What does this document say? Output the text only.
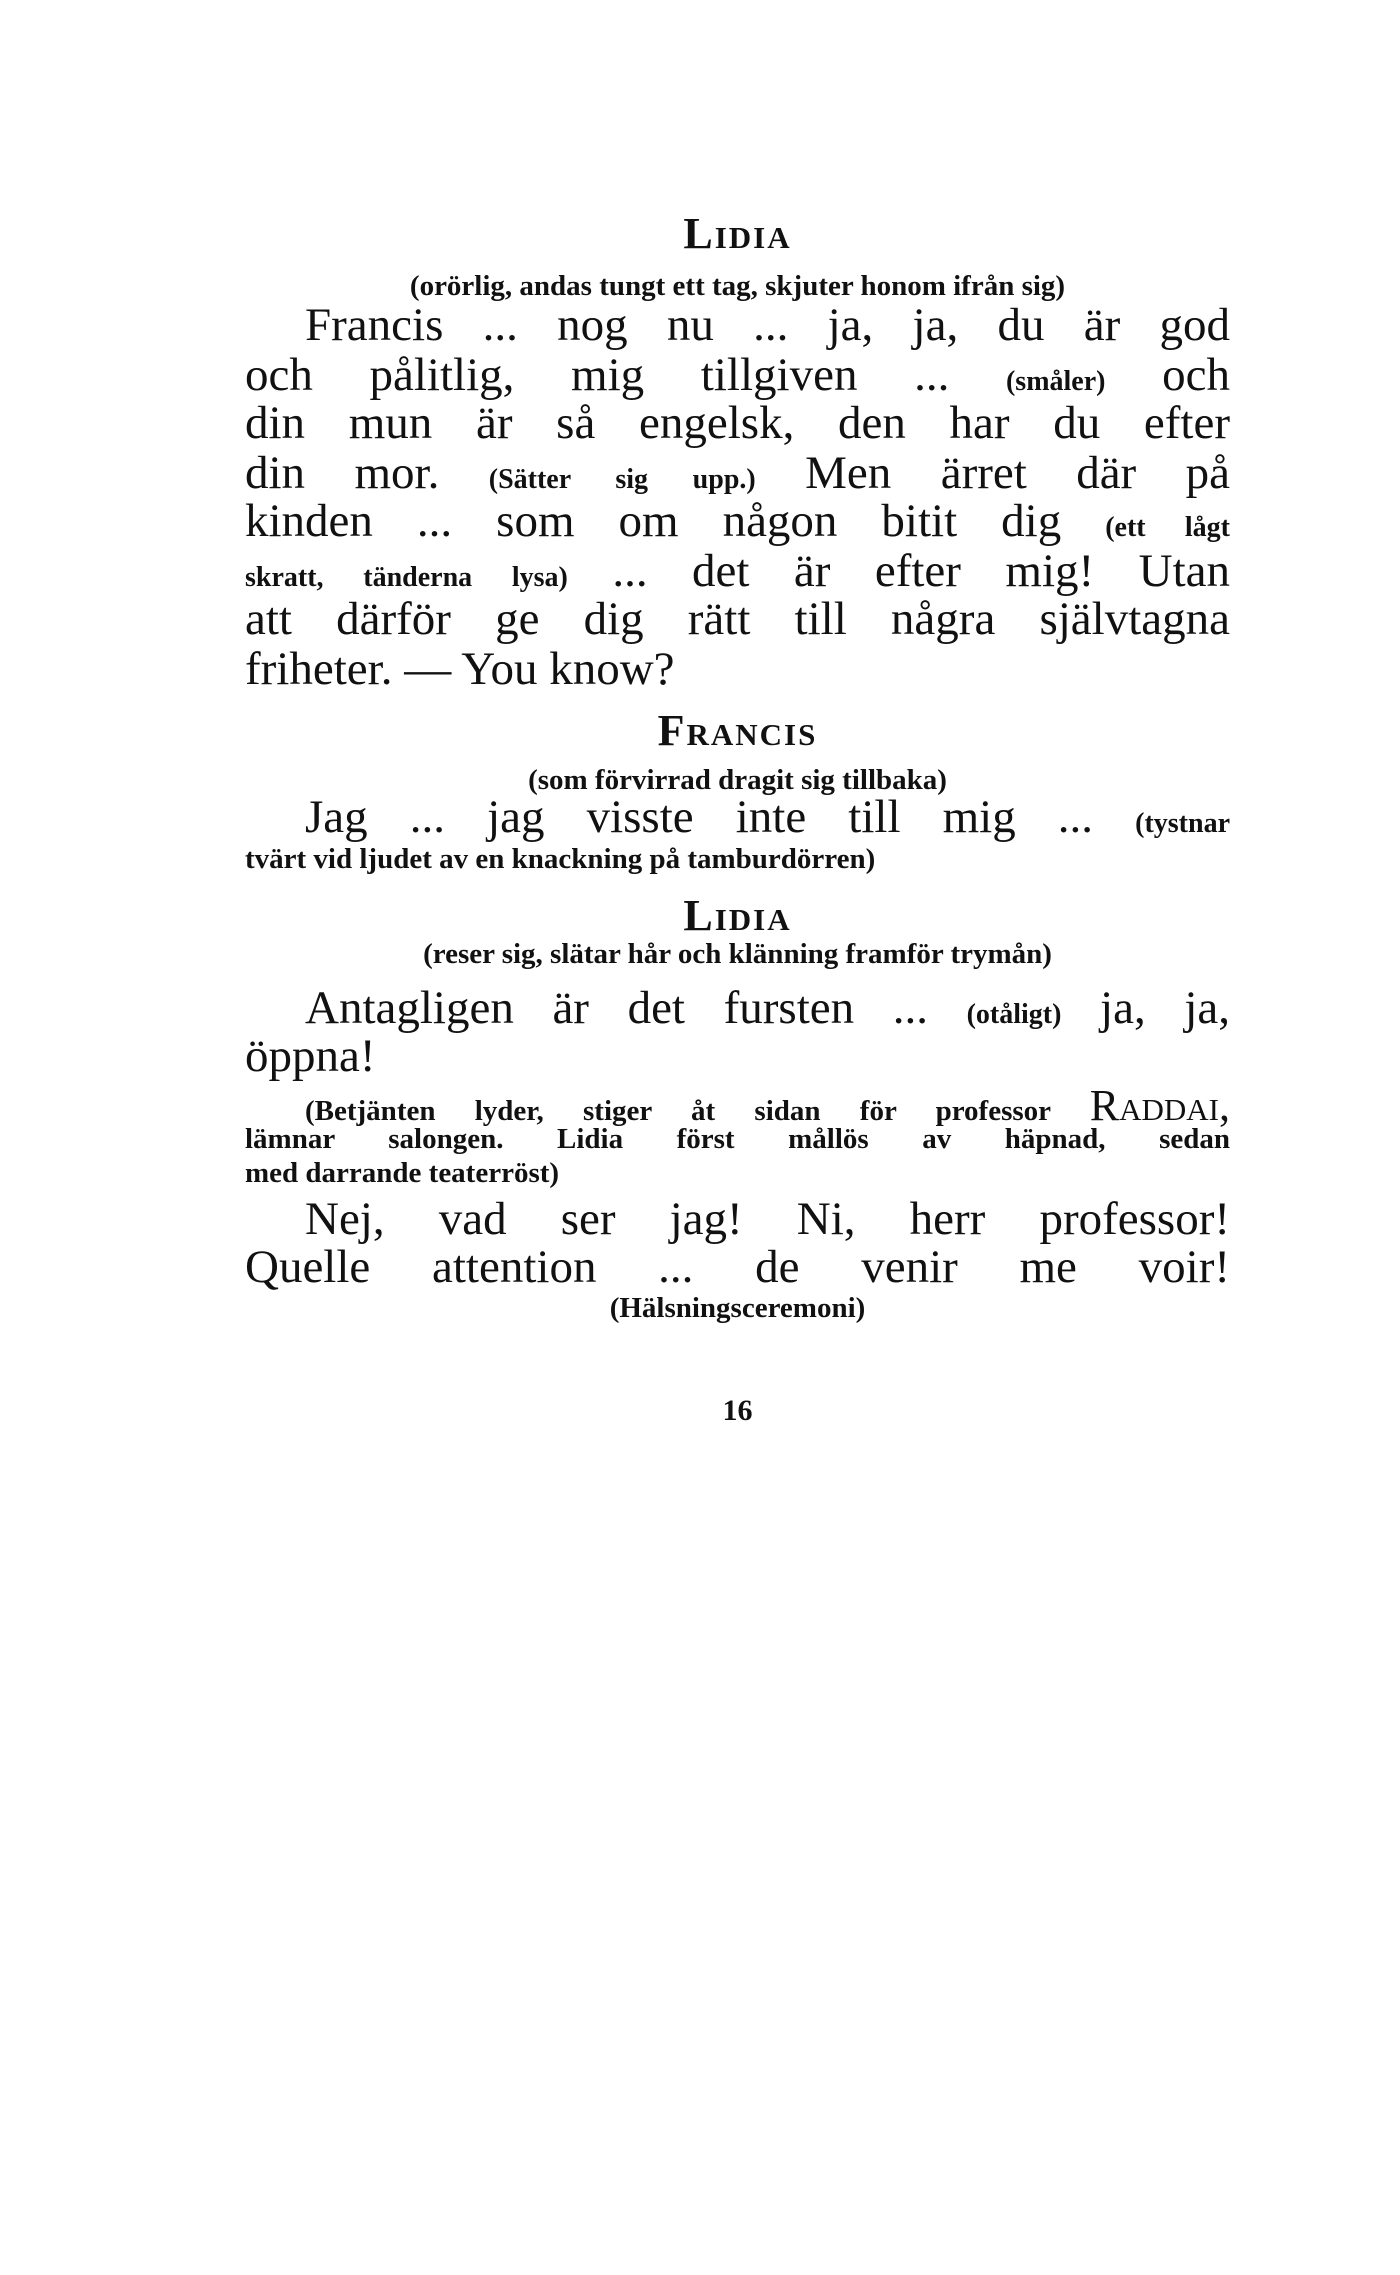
Lidia
(orörlig, andas tungt ett tag, skjuter honom ifrån sig)
Francis ... nog nu ... ja, ja, du är god
och pålitlig, mig tillgiven ... (småler) och
din mun är så engelsk, den har du efter
din mor. (Sätter sig upp.) Men ärret där på
kinden ... som om någon bitit dig (ett lågt
skratt, tänderna lysa) ... det är efter mig! Utan
att därför ge dig rätt till några självtagna
friheter. — You know?
Francis
(som förvirrad dragit sig tillbaka)
Jag ... jag visste inte till mig ... (tystnar
tvärt vid ljudet av en knackning på tamburdörren)
Lidia
(reser sig, slätar hår och klänning framför trymån)
Antagligen är det fursten ... (otåligt) ja, ja,
öppna!
(Betjänten lyder, stiger åt sidan för professor Raddai,
lämnar salongen. Lidia först mållös av häpnad, sedan
med darrande teaterröst)
Nej, vad ser jag! Ni, herr professor!
Quelle attention ... de venir me voir!
(Hälsningsceremoni)
16
